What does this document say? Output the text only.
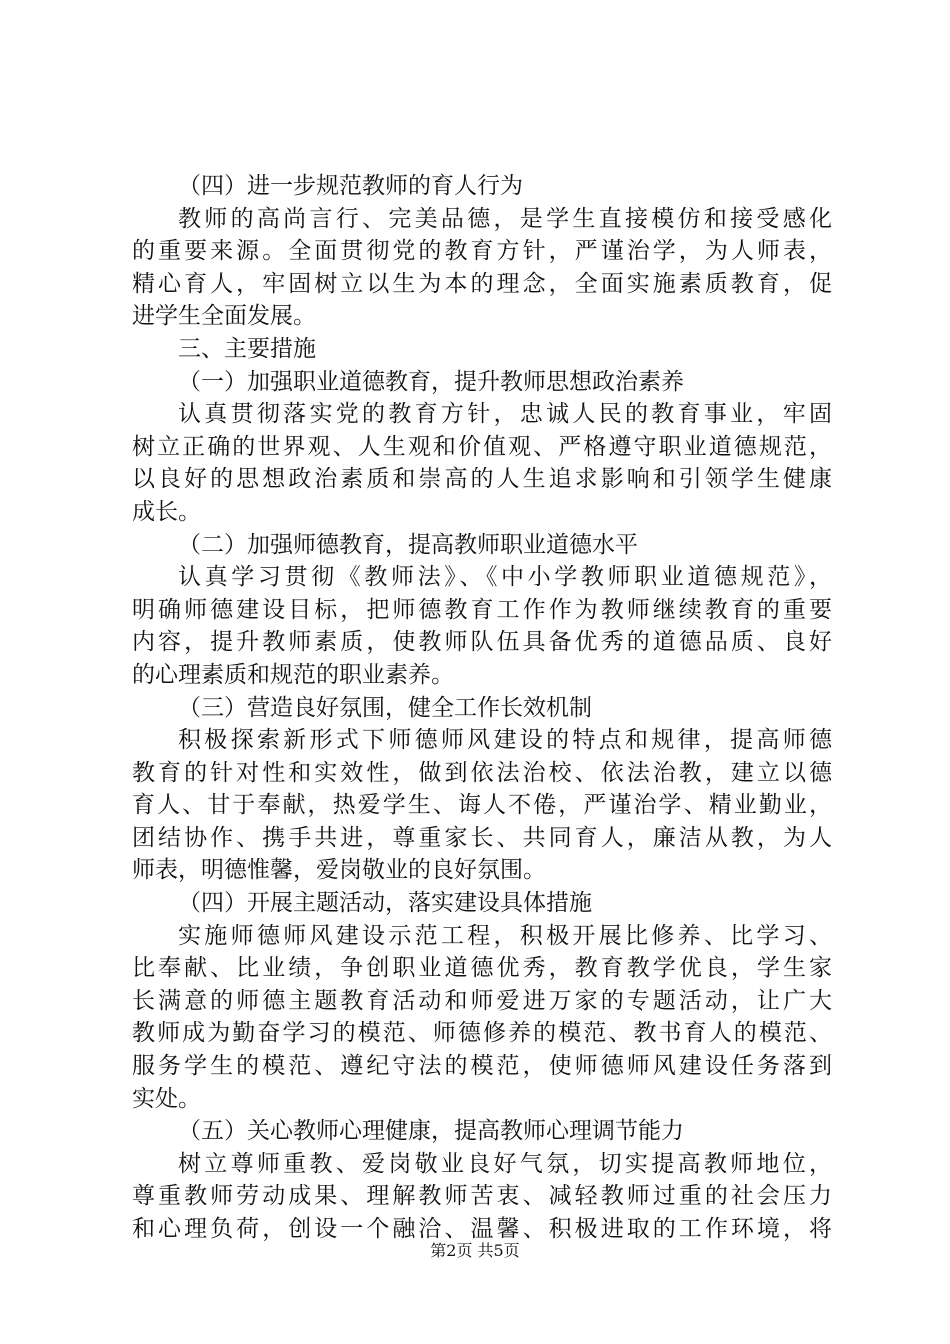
（四）进一步规范教师的育人行为
教师的高尚言行、完美品德，是学生直接模仿和接受感化
的重要来源。全面贯彻党的教育方针，严谨治学，为人师表，
精心育人，牢固树立以生为本的理念，全面实施素质教育，促
进学生全面发展。
三、主要措施
（一）加强职业道德教育，提升教师思想政治素养
认真贯彻落实党的教育方针，忠诚人民的教育事业，牢固
树立正确的世界观、人生观和价值观、严格遵守职业道德规范，
以良好的思想政治素质和崇高的人生追求影响和引领学生健康
成长。
（二）加强师德教育，提高教师职业道德水平
认真学习贯彻《教师法》、《中小学教师职业道德规范》，
明确师德建设目标，把师德教育工作作为教师继续教育的重要
内容，提升教师素质，使教师队伍具备优秀的道德品质、良好
的心理素质和规范的职业素养。
（三）营造良好氛围，健全工作长效机制
积极探索新形式下师德师风建设的特点和规律，提高师德
教育的针对性和实效性，做到依法治校、依法治教，建立以德
育人、甘于奉献，热爱学生、诲人不倦，严谨治学、精业勤业，
团结协作、携手共进，尊重家长、共同育人，廉洁从教，为人
师表，明德惟馨，爱岗敬业的良好氛围。
（四）开展主题活动，落实建设具体措施
实施师德师风建设示范工程，积极开展比修养、比学习、
比奉献、比业绩，争创职业道德优秀，教育教学优良，学生家
长满意的师德主题教育活动和师爱进万家的专题活动，让广大
教师成为勤奋学习的模范、师德修养的模范、教书育人的模范、
服务学生的模范、遵纪守法的模范，使师德师风建设任务落到
实处。
（五）关心教师心理健康，提高教师心理调节能力
树立尊师重教、爱岗敬业良好气氛，切实提高教师地位，
尊重教师劳动成果、理解教师苦衷、减轻教师过重的社会压力
和心理负荷，创设一个融洽、温馨、积极进取的工作环境，将
第2页 共5页
